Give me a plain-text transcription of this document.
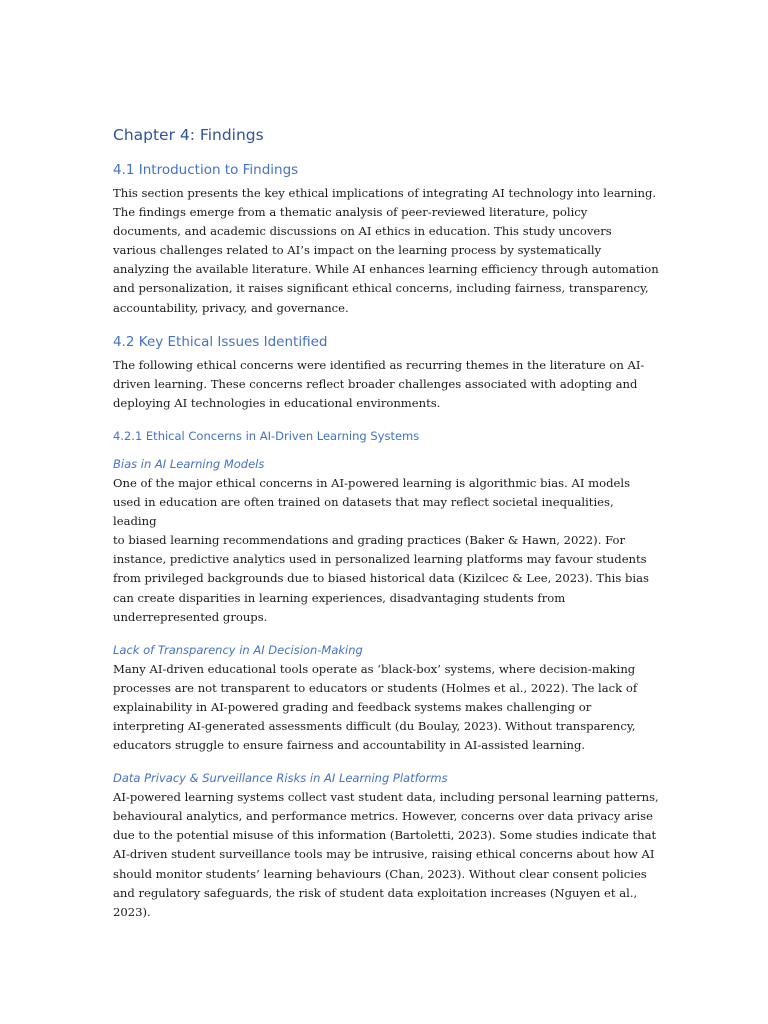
Chapter 4: Findings
4.1 Introduction to Findings
This section presents the key ethical implications of integrating AI technology into learning.
The findings emerge from a thematic analysis of peer-reviewed literature, policy
documents, and academic discussions on AI ethics in education. This study uncovers
various challenges related to AI’s impact on the learning process by systematically
analyzing the available literature. While AI enhances learning efficiency through automation
and personalization, it raises significant ethical concerns, including fairness, transparency,
accountability, privacy, and governance.
4.2 Key Ethical Issues Identified
The following ethical concerns were identified as recurring themes in the literature on AI-
driven learning. These concerns reflect broader challenges associated with adopting and
deploying AI technologies in educational environments.
4.2.1 Ethical Concerns in AI-Driven Learning Systems
Bias in AI Learning Models
One of the major ethical concerns in AI-powered learning is algorithmic bias. AI models
used in education are often trained on datasets that may reflect societal inequalities, leading
to biased learning recommendations and grading practices (Baker & Hawn, 2022). For
instance, predictive analytics used in personalized learning platforms may favour students
from privileged backgrounds due to biased historical data (Kizilcec & Lee, 2023). This bias
can create disparities in learning experiences, disadvantaging students from
underrepresented groups.
Lack of Transparency in AI Decision-Making
Many AI-driven educational tools operate as ‘black-box’ systems, where decision-making
processes are not transparent to educators or students (Holmes et al., 2022). The lack of
explainability in AI-powered grading and feedback systems makes challenging or
interpreting AI-generated assessments difficult (du Boulay, 2023). Without transparency,
educators struggle to ensure fairness and accountability in AI-assisted learning.
Data Privacy & Surveillance Risks in AI Learning Platforms
AI-powered learning systems collect vast student data, including personal learning patterns,
behavioural analytics, and performance metrics. However, concerns over data privacy arise
due to the potential misuse of this information (Bartoletti, 2023). Some studies indicate that
AI-driven student surveillance tools may be intrusive, raising ethical concerns about how AI
should monitor students’ learning behaviours (Chan, 2023). Without clear consent policies
and regulatory safeguards, the risk of student data exploitation increases (Nguyen et al.,
2023).
